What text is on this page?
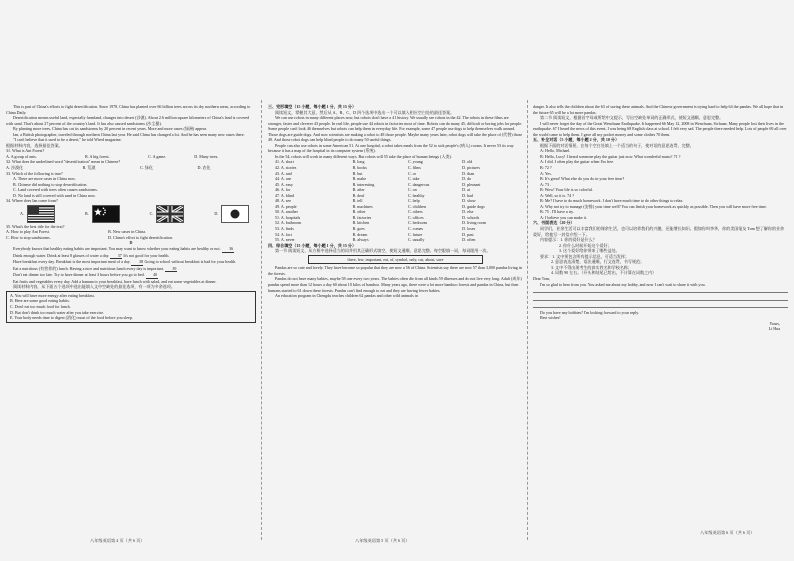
This is part of China's efforts to fight desertification. Since 1978, China has planted over 66 billion trees across its dry northern areas, according to China Daily.

Desertification means useful land, especially farmland, changes into desert (沙漠). About 2.6 million square kilometers of China's land is covered with sand. That's about 27 percent of the country's land. It has also caused sandstorms (沙尘暴).

By planting more trees, China has cut its sandstorms by 20 percent in recent years. More and more oases (绿洲) appear.

Ian, a British photographer, traveled through northern China last year. He said China has changed a lot. And he has seen many new oases there.

"I can't believe that it used to be a desert," he told Wired magazine.

根据材料内容，选择最佳答案。

31. What is Ant Forest?

A. A group of ants.	B. A big forest.	C. A game.	D. Many trees.

32. What does the underlined word "desertification" mean in Chinese?

A. 沙漠化	B. 荒漠	C. 绿化	D. 农化

33. Which of the following is true?

A. There are more cases in China now.

B. Chinese did nothing to stop desertification.

C. Land covered with trees often causes sandstorms.

D. No land is still covered with sand in China now.

34. Where does Ian come from?

A.	B.	C.	D.

35. What's the best title for the text?

A. How to play Ant Forest.	B. New oases in China.
C. How to stop sandstorms.	D. China's effort to fight desertification.

D

Everybody knows that healthy eating habits are important. You may want to know whether your eating habits are healthy or not. 36

Drink enough water. Drink at least 8 glasses of water a day. 37 It's not good for your health.

Have breakfast every day. Breakfast is the most important meal of a day. 38 Going to school without breakfast is bad for your health.

Eat a nutritious (有营养的) lunch. Having a nice and nutritious lunch every day is important. 39

Don't eat dinner too late. Try to have dinner at least 3 hours before you go to bed. 40

Eat fruits and vegetables every day. Add a banana to your breakfast, have lunch with salad, and eat some vegetables at dinner.

阅读材料内容，从下面五个选项中选出能填入文中空缺处的最佳选项，有一项为多余选项。

A. You will have more energy after eating breakfast.

B. Here are some good eating habits.

C. Don't eat too much food for lunch.

D. But don't drink too much water after you take exercise.

E. Your body needs time to digest (消化) most of the food before you sleep.

三、完形填空（15 小题，每小题 1 分，共 15 分）

阅读短文，掌握其大意，然后从 A、B、C、D 四个选项中选出一个可以填入相应空白处的最佳答案。

We can use robots in many different places now, but robots don't have a 41 history. We usually see robots in the 42. The robots in these films are stronger, faster and cleverer 43 people. In real life, people use 44 robots in factories most of time. Robots can do many 45, difficult or boring jobs for people. Some people can't look 46 themselves but robots can help them in everyday life. For example, some 47 people use dogs to help themselves walk around. Those dogs are guide dogs. And now scientists are making a robot to 48 those people. Maybe many years later, robot dogs will take the place of (代替) those 49. And those robot dogs can help blind people to do many 50 useful things.

People can also use robots in some American 51. At one hospital, a robot takes meals from the 52 to sick people's (病人) rooms. It never 53 its way because it has a map of the hospital in its computer system (系统).

In the 54, robots will work in many different ways. But robots will 55 take the place of human beings (人类).

41. A. short	B. long	C. young	D. old
42. A. stories	B. books	C. films	D. pictures
43. A. and	B. but	C. or	D. than
44. A. use	B. make	C. take	D. do
45. A. easy	B. interesting	C. dangerous	D. pleasant
46. A. for	B. after	C. on	D. at
47. A. blind	B. deaf	C. healthy	D. bad
48. A. see	B. tell	C. help	D. show
49. A. people	B. machines	C. children	D. guide dogs
50. A. another	B. other	C. others	D. else
51. A. hospitals	B. factories	C. offices	D. schools
52. A. bathroom	B. kitchen	C. bedroom	D. living room
53. A. finds	B. goes	C. comes	D. loses
54. A. fact	B. dream	C. future	D. past
55. A. never	B. always	C. usually	D. often

四、综合填空（15 小题，每小题 1 分，共 15 分）

第一节 阅读短文，从方框中选择适当的词并用其正确形式填空，使短文通顺、意思完整。每空限填一词，每词限用一次。

there, few, important, eat, of, symbol, only, cut, about, save

Pandas are so cute and lovely. They have become so popular that they are now a 56 of China. Scientists say there are now 57 than 3,000 pandas living in the forests.

Pandas do not have many babies, maybe 58 one every two years. The babies often die from all kinds 59 illnesses and do not live very long. Adult (成年) pandas spend more than 12 hours a day 60 about 10 kilos of bamboo. Many years ago, there were a lot more bamboo forests and pandas in China, but then humans started to 61 down these forests. Pandas can't find enough to eat and they are having fewer babies.

An education program in Chengdu teaches children 62 pandas and other wild animals in

danger. It also tells the children about the 63 of saving these animals. And the Chinese government is trying hard to help 64 the pandas. We all hope that in the future 65 will be a lot more pandas.

第二节 阅读短文，根据首字母或所给中文提示，写出空缺处单词的正确形式，使短文通顺、意思完整。

I will never forget the day of the Great Wenchuan Earthquake. It happened 66 May 12, 2008 in Wenchuan, Sichuan. Many people lost their lives in the earthquake. 67 I heard the news of this event, I was being 68 English class at school. I felt very sad. The people there needed help. Lots of people 69 all over the world came to help them. I gave all my pocket money and some clothes 70 them.

五、补全对话（5 小题，每小题 2 分，共 10 分）

根据下面的对话情景，在每个空白处填上一个适当的句子，使对话的意思连贯、完整。

A: Hello, Michael.

B: Hello, Lucy! I heard someone play the guitar just now. What wonderful music! 71 ?

A: I did. I often play the guitar when I'm free.

B: 72 ?

A: Yes.

B: It's great! What else do you do in your free time?

A: 73 .

B: Wow! Your life is so colorful.

A: Well, so it is. 74 ?

B: Me? I have to do much homework. I don't have much time to do other things to relax.

A: Why not try to manage (安排) your time well? You can finish your homework as quickly as possible. Then you will have more free time.

B: 75 . I'll have a try.

A: I believe you can make it.

六、书面表达（20 分）

同学们，业余生活可以丰富我们的课余生活，也可以培养我们的兴趣，还能增长知识。假如你叫李华，你的美国笔友 Tom 想了解你的业余爱好，给他写一封信介绍一下。

内容提示：1. 你的爱好是什么？

2. 你什么时候开始这个爱好；

3. 这个爱好给你带来了哪些益处。

要求：1. 文中须包含所有提示信息，可适当发挥；

2. 意思表达清楚，语法通顺，行文连贯，书写规范；

3. 文中不得出现考生的真实姓名和学校名称；

4. 词数 90 左右。（开头和结尾已给出，不计算在词数之内）

Dear Tom,

I'm so glad to hear from you. You asked me about my hobby, and now I can't wait to share it with you.

Do you have any hobbies? I'm looking forward to your reply.

Best wishes!

Yours,

Li Hua

八年级英语第 4 页（共 6 页）	八年级英语第 5 页（共 6 页）
八年级英语第 6 页（共 6 页）
